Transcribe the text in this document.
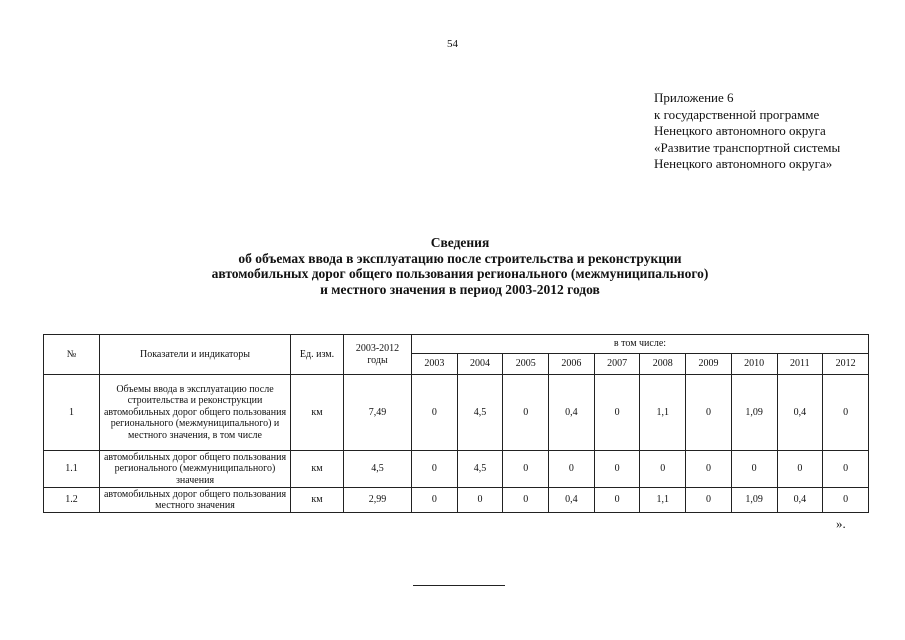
54
Приложение 6
к государственной программе
Ненецкого автономного округа
«Развитие транспортной системы
Ненецкого автономного округа»
Сведения
об объемах ввода в эксплуатацию после строительства и реконструкции
автомобильных дорог общего пользования регионального (межмуниципального)
и местного значения в период 2003-2012 годов
№	Показатели и индикаторы	Ед. изм.	2003-2012 годы	в том числе:									
				2003	2004	2005	2006	2007	2008	2009	2010	2011	2012
1	Объемы ввода в эксплуатацию после строительства и реконструкции автомобильных дорог общего пользования регионального (межмуниципального) и местного значения, в том числе	км	7,49	0	4,5	0	0,4	0	1,1	0	1,09	0,4	0
1.1	автомобильных дорог общего пользования регионального (межмуниципального) значения	км	4,5	0	4,5	0	0	0	0	0	0	0	0
1.2	автомобильных дорог общего пользования местного значения	км	2,99	0	0	0	0,4	0	1,1	0	1,09	0,4	0
».
